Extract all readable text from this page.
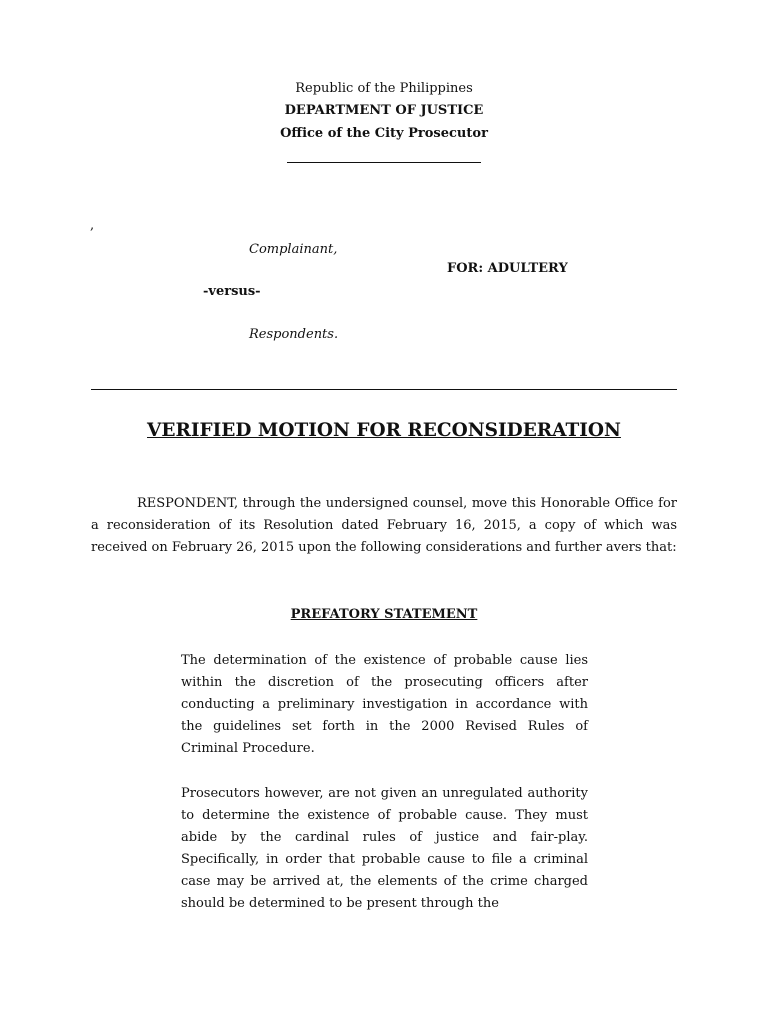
Republic of the Philippines
DEPARTMENT OF JUSTICE
Office of the City Prosecutor
,
Complainant,
FOR: ADULTERY
-versus-
Respondents.
VERIFIED MOTION FOR RECONSIDERATION
RESPONDENT, through the undersigned counsel, move this Honorable Office for a reconsideration of its Resolution dated February 16, 2015, a copy of which was received on February 26, 2015 upon the following considerations and further avers that:
PREFATORY STATEMENT
The determination of the existence of probable cause lies within the discretion of the prosecuting officers after conducting a preliminary investigation in accordance with the guidelines set forth in the 2000 Revised Rules of Criminal Procedure.
Prosecutors however, are not given an unregulated authority to determine the existence of probable cause. They must abide by the cardinal rules of justice and fair-play. Specifically, in order that probable cause to file a criminal case may be arrived at, the elements of the crime charged should be determined to be present through the
